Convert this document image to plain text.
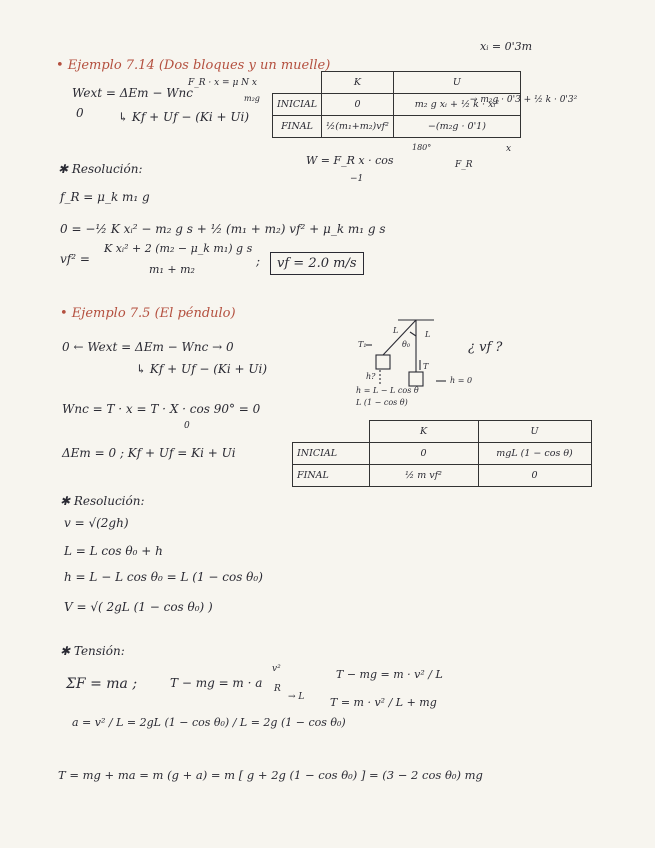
xᵢ = 0'3m
• Ejemplo 7.14 (Dos bloques y un muelle)
F_R · x = μ N x
Wext = ΔEm − Wnc	m₂g
0	↳ Kf + Uf − (Ki + Ui)
	K	U
INICIAL	0	m₂ g xᵢ + ½ k · xᵢ²
FINAL	½(m₁+m₂)vf²	−(m₂g · 0'1)
→ m₂g · 0'3 + ½ k · 0'3²
180°	x
W = F_R x · cos	F_R
−1
✱ Resolución:
f_R = μ_k m₁ g
0 = −½ K xᵢ² − m₂ g s + ½ (m₁ + m₂) vf² + μ_k m₁ g s
vf² =
K xᵢ² + 2 (m₂ − μ_k m₁) g s
m₁ + m₂
;	vf = 2.0 m/s
• Ejemplo 7.5 (El péndulo)
0 ← Wext = ΔEm − Wnc → 0
↳ Kf + Uf − (Ki + Ui)
Wnc = T · x = T · X · cos 90° = 0
0
ΔEm = 0 ; Kf + Uf = Ki + Ui
¿ vf ?
L	L
θ₀
T₁
T
h?	h = 0
h = L − L cos θ
L (1 − cos θ)
	K	U
INICIAL	0	mgL (1 − cos θ)
FINAL	½ m vf²	0
✱ Resolución:
v = √(2gh)
L = L cos θ₀ + h
h = L − L cos θ₀ = L (1 − cos θ₀)
V = √( 2gL (1 − cos θ₀) )
✱ Tensión:
ΣF = ma ;	T − mg = m · a
v²
R
→ L
T − mg = m · v² / L
T = m · v² / L + mg
a = v² / L = 2gL (1 − cos θ₀) / L = 2g (1 − cos θ₀)
T = mg + ma = m (g + a) = m [ g + 2g (1 − cos θ₀) ] = (3 − 2 cos θ₀) mg
